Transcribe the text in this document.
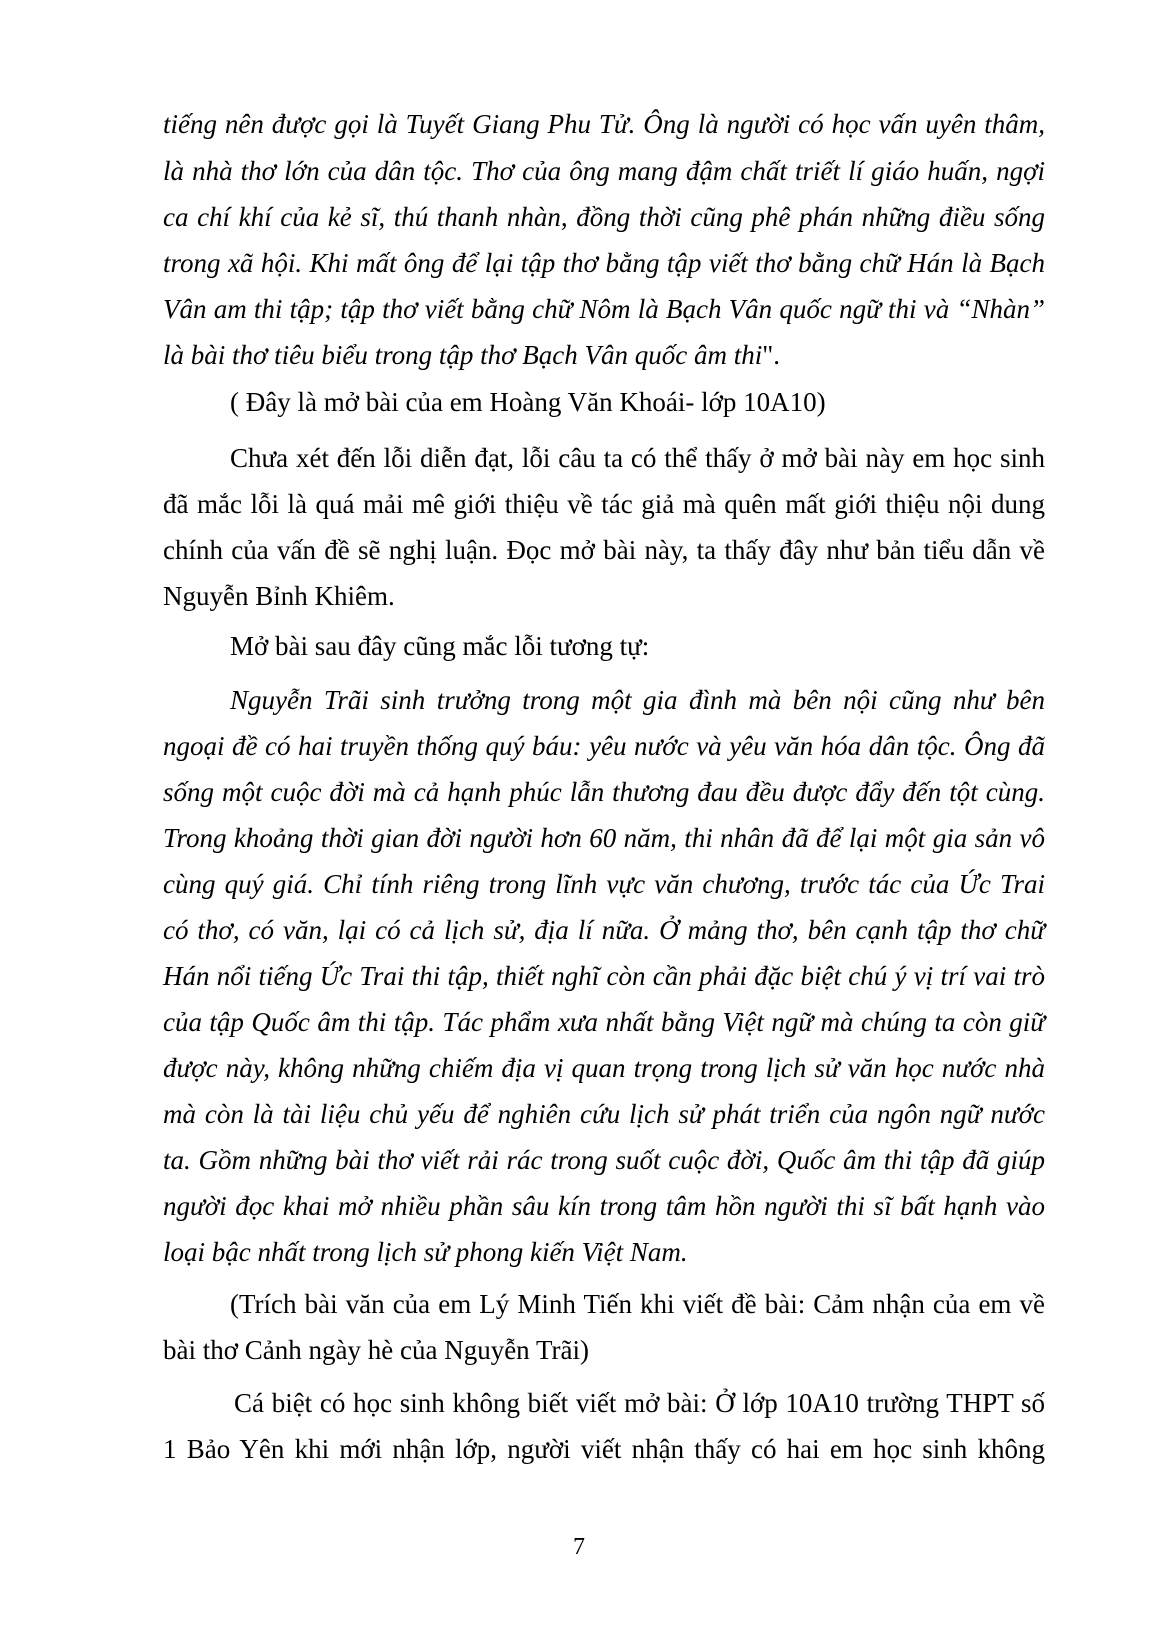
tiếng nên được gọi là Tuyết Giang Phu Tử. Ông là người có học vấn uyên thâm,

là nhà thơ lớn của dân tộc. Thơ của ông mang đậm chất triết lí giáo huấn, ngợi

ca chí khí của kẻ sĩ, thú thanh nhàn, đồng thời cũng phê phán những điều sống

trong xã hội. Khi mất ông để lại tập thơ bằng tập viết thơ bằng chữ Hán là Bạch

Vân am thi tập; tập thơ viết bằng chữ Nôm là Bạch Vân quốc ngữ thi và “Nhàn”

là bài thơ tiêu biểu trong tập thơ Bạch Vân quốc âm thi".

( Đây là mở bài của em Hoàng Văn Khoái- lớp 10A10)

Chưa xét đến lỗi diễn đạt, lỗi câu ta có thể thấy ở mở bài này em học sinh

đã mắc lỗi là quá mải mê giới thiệu về tác giả mà quên mất giới thiệu nội dung

chính của vấn đề sẽ nghị luận. Đọc mở bài này, ta thấy đây như bản tiểu dẫn về

Nguyễn Bỉnh Khiêm.

Mở bài sau đây cũng mắc lỗi tương tự:

Nguyễn Trãi sinh trưởng trong một gia đình mà bên nội cũng như bên

ngoại đề có hai truyền thống quý báu: yêu nước và yêu văn hóa dân tộc. Ông đã

sống một cuộc đời mà cả hạnh phúc lẫn thương đau đều được đẩy đến tột cùng.

Trong khoảng thời gian đời người hơn 60 năm, thi nhân đã để lại một gia sản vô

cùng quý giá. Chỉ tính riêng trong lĩnh vực văn chương, trước tác của Ức Trai

có thơ, có văn, lại có cả lịch sử, địa lí nữa. Ở mảng thơ, bên cạnh tập thơ chữ

Hán nổi tiếng Ức Trai thi tập, thiết nghĩ còn cần phải đặc biệt chú ý vị trí vai trò

của tập Quốc âm thi tập. Tác phẩm xưa nhất bằng Việt ngữ mà chúng ta còn giữ

được này, không những chiếm địa vị quan trọng trong lịch sử văn học nước nhà

mà còn là tài liệu chủ yếu để nghiên cứu lịch sử phát triển của ngôn ngữ nước

ta. Gồm những bài thơ viết rải rác trong suốt cuộc đời, Quốc âm thi tập đã giúp

người đọc khai mở nhiều phần sâu kín trong tâm hồn người thi sĩ bất hạnh vào

loại bậc nhất trong lịch sử phong kiến Việt Nam.

(Trích bài văn của em Lý Minh Tiến khi viết đề bài: Cảm nhận của em về

bài thơ Cảnh ngày hè của Nguyễn Trãi)

Cá biệt có học sinh không biết viết mở bài: Ở lớp 10A10 trường THPT số

1 Bảo Yên khi mới nhận lớp, người viết nhận thấy có hai em học sinh không

7
